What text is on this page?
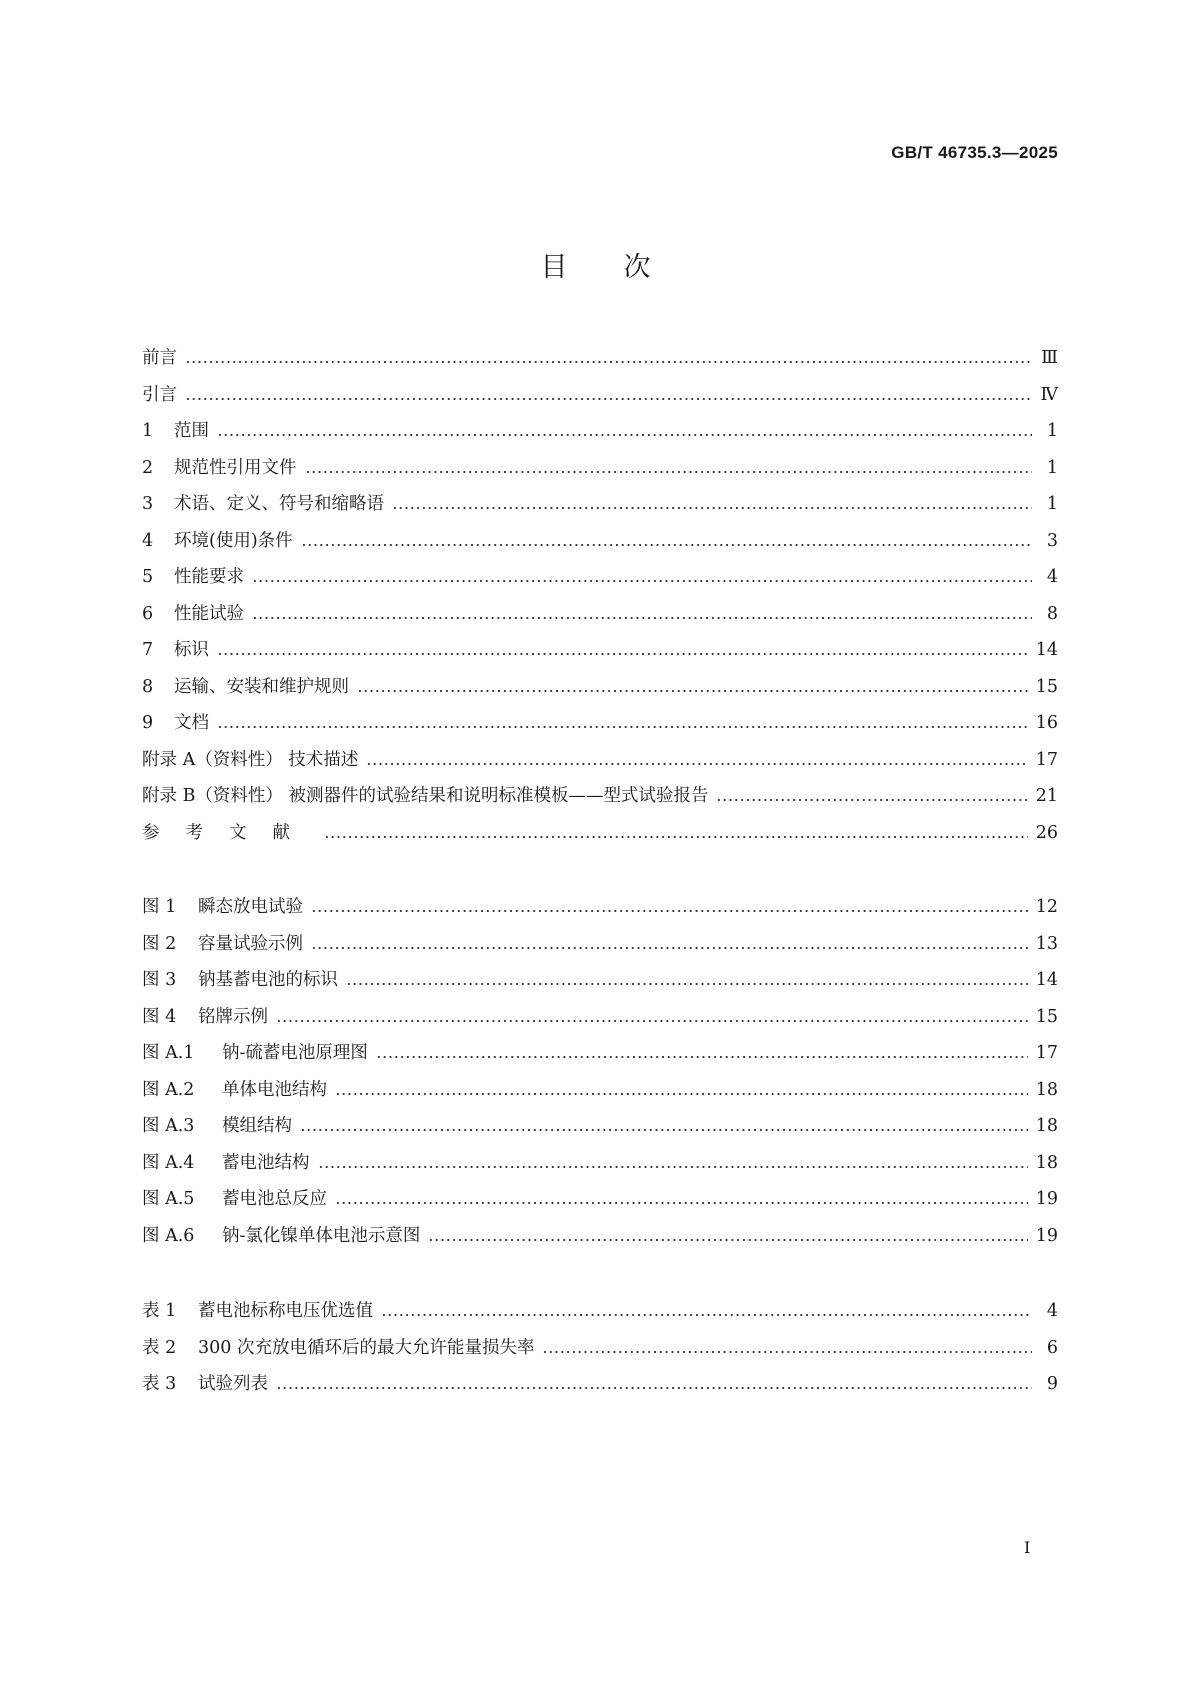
GB/T 46735.3—2025
目次
前言	Ⅲ
引言	Ⅳ
1	范围	1
2	规范性引用文件	1
3	术语、定义、符号和缩略语	1
4	环境(使用)条件	3
5	性能要求	4
6	性能试验	8
7	标识	14
8	运输、安装和维护规则	15
9	文档	16
附录 A（资料性） 技术描述	17
附录 B（资料性） 被测器件的试验结果和说明标准模板——型式试验报告	21
参考文献	26
图 1	瞬态放电试验	12
图 2	容量试验示例	13
图 3	钠基蓄电池的标识	14
图 4	铭牌示例	15
图 A.1	钠-硫蓄电池原理图	17
图 A.2	单体电池结构	18
图 A.3	模组结构	18
图 A.4	蓄电池结构	18
图 A.5	蓄电池总反应	19
图 A.6	钠-氯化镍单体电池示意图	19
表 1	蓄电池标称电压优选值	4
表 2	300 次充放电循环后的最大允许能量损失率	6
表 3	试验列表	9
I
